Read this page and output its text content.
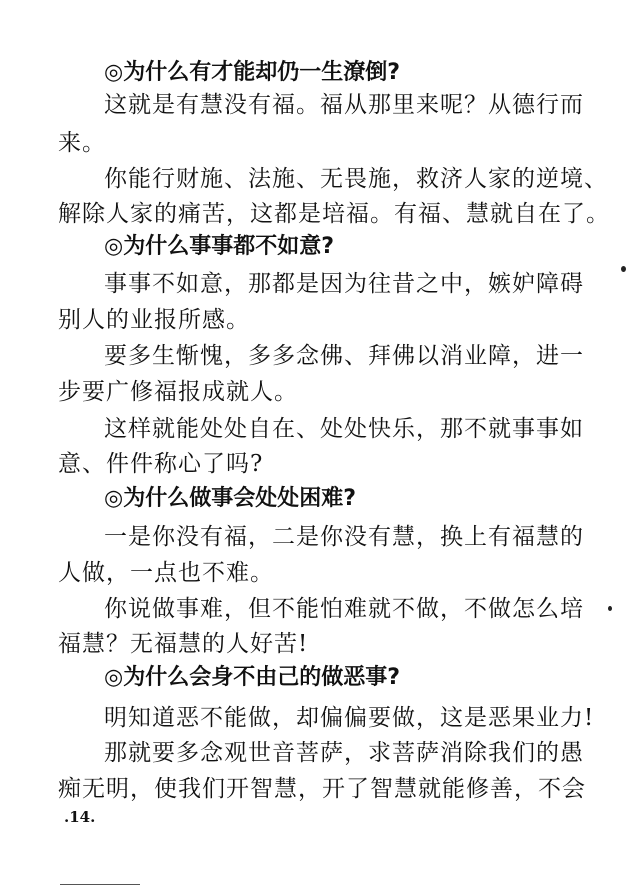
◎为什么有才能却仍一生潦倒?
这就是有慧没有福。福从那里来呢？从德行而
来。
你能行财施、法施、无畏施，救济人家的逆境、
解除人家的痛苦，这都是培福。有福、慧就自在了。
◎为什么事事都不如意?
事事不如意，那都是因为往昔之中，嫉妒障碍
别人的业报所感。
要多生惭愧，多多念佛、拜佛以消业障，进一
步要广修福报成就人。
这样就能处处自在、处处快乐，那不就事事如
意、件件称心了吗?
◎为什么做事会处处困难?
一是你没有福，二是你没有慧，换上有福慧的
人做，一点也不难。
你说做事难，但不能怕难就不做，不做怎么培
福慧？无福慧的人好苦!
◎为什么会身不由己的做恶事?
明知道恶不能做，却偏偏要做，这是恶果业力!
那就要多念观世音菩萨，求菩萨消除我们的愚
痴无明，使我们开智慧，开了智慧就能修善，不会
.14.
